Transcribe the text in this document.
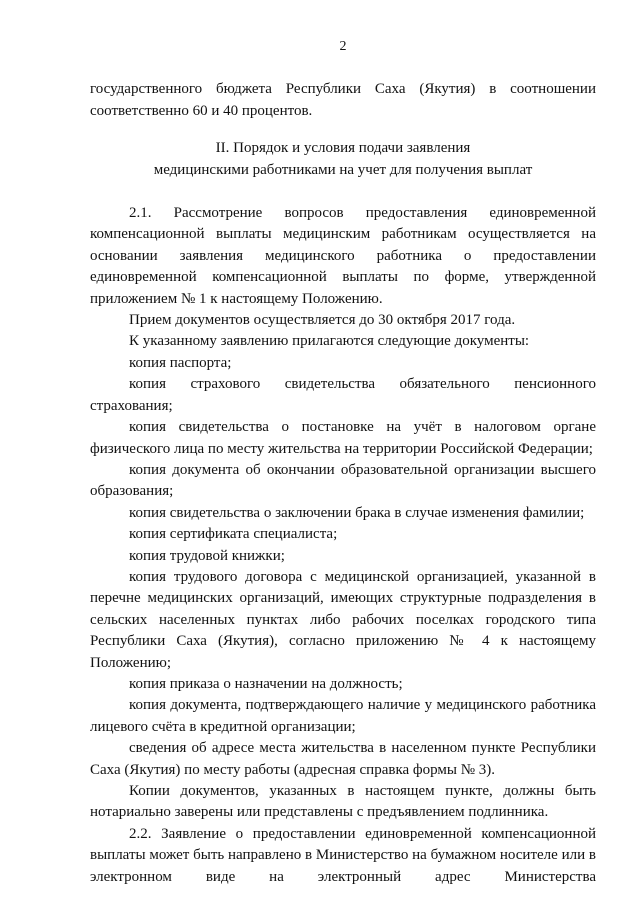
2

государственного бюджета Республики Саха (Якутия) в соотношении соответственно 60 и 40 процентов.

II. Порядок и условия подачи заявления
медицинскими работниками на учет для получения выплат

2.1. Рассмотрение вопросов предоставления единовременной компенсационной выплаты медицинским работникам осуществляется на основании заявления медицинского работника о предоставлении единовременной компенсационной выплаты по форме, утвержденной приложением № 1 к настоящему Положению.

Прием документов осуществляется до 30 октября 2017 года.

К указанному заявлению прилагаются следующие документы:

копия паспорта;

копия страхового свидетельства обязательного пенсионного страхования;

копия свидетельства о постановке на учёт в налоговом органе физического лица по месту жительства на территории Российской Федерации;

копия документа об окончании образовательной организации высшего образования;

копия свидетельства о заключении брака в случае изменения фамилии;

копия сертификата специалиста;

копия трудовой книжки;

копия трудового договора с медицинской организацией, указанной в перечне медицинских организаций, имеющих структурные подразделения в сельских населенных пунктах либо рабочих поселках городского типа Республики Саха (Якутия), согласно приложению № 4 к настоящему Положению;

копия приказа о назначении на должность;

копия документа, подтверждающего наличие у медицинского работника лицевого счёта в кредитной организации;

сведения об адресе места жительства в населенном пункте Республики Саха (Якутия) по месту работы (адресная справка формы № 3).

Копии документов, указанных в настоящем пункте, должны быть нотариально заверены или представлены с предъявлением подлинника.

2.2. Заявление о предоставлении единовременной компенсационной выплаты может быть направлено в Министерство на бумажном носителе или в электронном виде на электронный адрес Министерства
